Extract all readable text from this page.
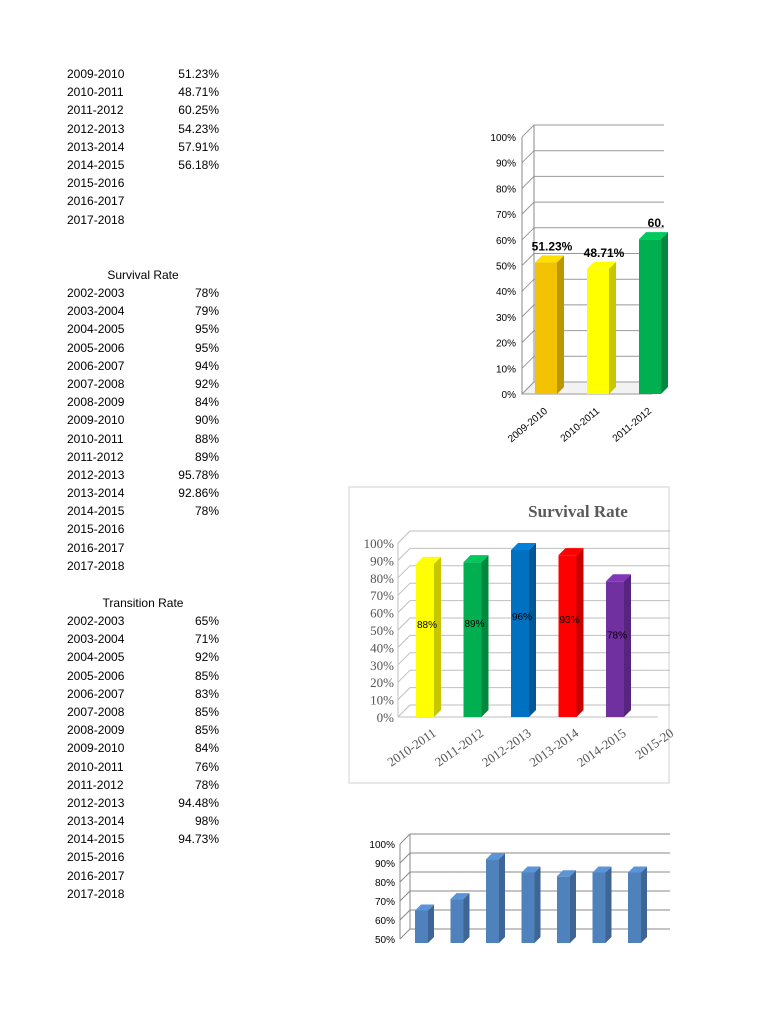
2009-2010	51.23%
2010-2011	48.71%
2011-2012	60.25%
2012-2013	54.23%
2013-2014	57.91%
2014-2015	56.18%
2015-2016
2016-2017
2017-2018
Survival Rate
2002-2003	78%
2003-2004	79%
2004-2005	95%
2005-2006	95%
2006-2007	94%
2007-2008	92%
2008-2009	84%
2009-2010	90%
2010-2011	88%
2011-2012	89%
2012-2013	95.78%
2013-2014	92.86%
2014-2015	78%
2015-2016
2016-2017
2017-2018
Transition Rate
2002-2003	65%
2003-2004	71%
2004-2005	92%
2005-2006	85%
2006-2007	83%
2007-2008	85%
2008-2009	85%
2009-2010	84%
2010-2011	76%
2011-2012	78%
2012-2013	94.48%
2013-2014	98%
2014-2015	94.73%
2015-2016
2016-2017
2017-2018
0%
10%
20%
30%
40%
50%
60%
70%
80%
90%
100%
51.23%
2009-2010
48.71%
2010-2011
60.
2011-2012
Survival Rate
0%
10%
20%
30%
40%
50%
60%
70%
80%
90%
100%
88%
2010-2011
89%
2011-2012
96%
2012-2013
93%
2013-2014
78%
2014-2015 2015-20
50%
60%
70%
80%
90%
100%
